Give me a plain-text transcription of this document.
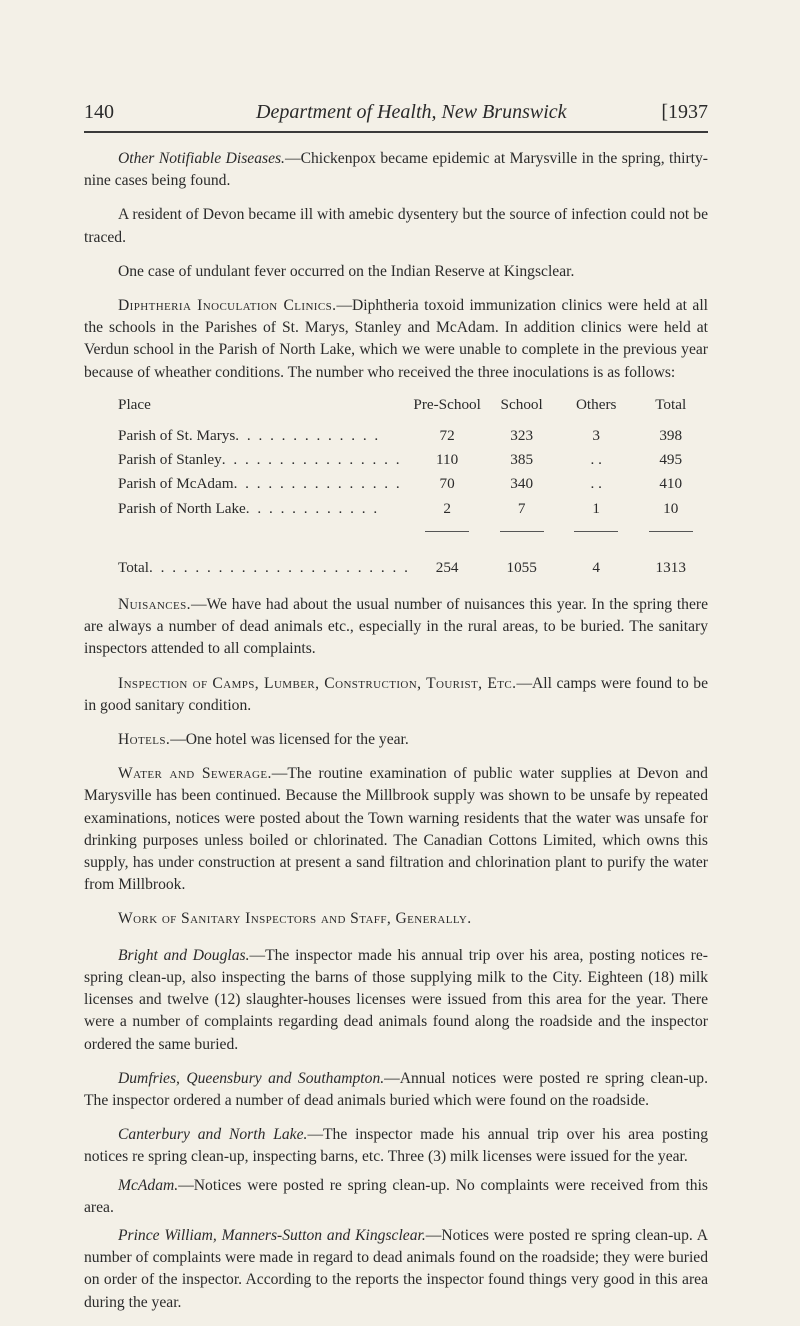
140	Department of Health, New Brunswick	[1937

Other Notifiable Diseases.—Chickenpox became epidemic at Marysville in the spring, thirty-nine cases being found.

A resident of Devon became ill with amebic dysentery but the source of infection could not be traced.

One case of undulant fever occurred on the Indian Reserve at Kingsclear.

Diphtheria Inoculation Clinics.—Diphtheria toxoid immunization clinics were held at all the schools in the Parishes of St. Marys, Stanley and McAdam. In addition clinics were held at Verdun school in the Parish of North Lake, which we were unable to complete in the previous year because of wheather conditions. The number who received the three inoculations is as follows:

Place	Pre-School	School	Others	Total
Parish of St. Marys. . . . . . . . . . . . .	72	323	3	398
Parish of Stanley. . . . . . . . . . . . . . . .	110	385	. .	495
Parish of McAdam. . . . . . . . . . . . . . .	70	340	. .	410
Parish of North Lake. . . . . . . . . . . .	2	7	1	10

Total. . . . . . . . . . . . . . . . . . . . . . .	254	1055	4	1313

Nuisances.—We have had about the usual number of nuisances this year. In the spring there are always a number of dead animals etc., especially in the rural areas, to be buried. The sanitary inspectors attended to all complaints.

Inspection of Camps, Lumber, Construction, Tourist, Etc.—All camps were found to be in good sanitary condition.

Hotels.—One hotel was licensed for the year.

Water and Sewerage.—The routine examination of public water supplies at Devon and Marysville has been continued. Because the Millbrook supply was shown to be unsafe by repeated examinations, notices were posted about the Town warning residents that the water was unsafe for drinking purposes unless boiled or chlorinated. The Canadian Cottons Limited, which owns this supply, has under construction at present a sand filtration and chlorination plant to purify the water from Millbrook.

Work of Sanitary Inspectors and Staff, Generally.

Bright and Douglas.—The inspector made his annual trip over his area, posting notices re-spring clean-up, also inspecting the barns of those supplying milk to the City. Eighteen (18) milk licenses and twelve (12) slaughter-houses licenses were issued from this area for the year. There were a number of complaints regarding dead animals found along the roadside and the inspector ordered the same buried.

Dumfries, Queensbury and Southampton.—Annual notices were posted re spring clean-up. The inspector ordered a number of dead animals buried which were found on the roadside.

Canterbury and North Lake.—The inspector made his annual trip over his area posting notices re spring clean-up, inspecting barns, etc. Three (3) milk licenses were issued for the year.

McAdam.—Notices were posted re spring clean-up. No complaints were received from this area.

Prince William, Manners-Sutton and Kingsclear.—Notices were posted re spring clean-up. A number of complaints were made in regard to dead animals found on the roadside; they were buried on order of the inspector. According to the reports the inspector found things very good in this area during the year.
